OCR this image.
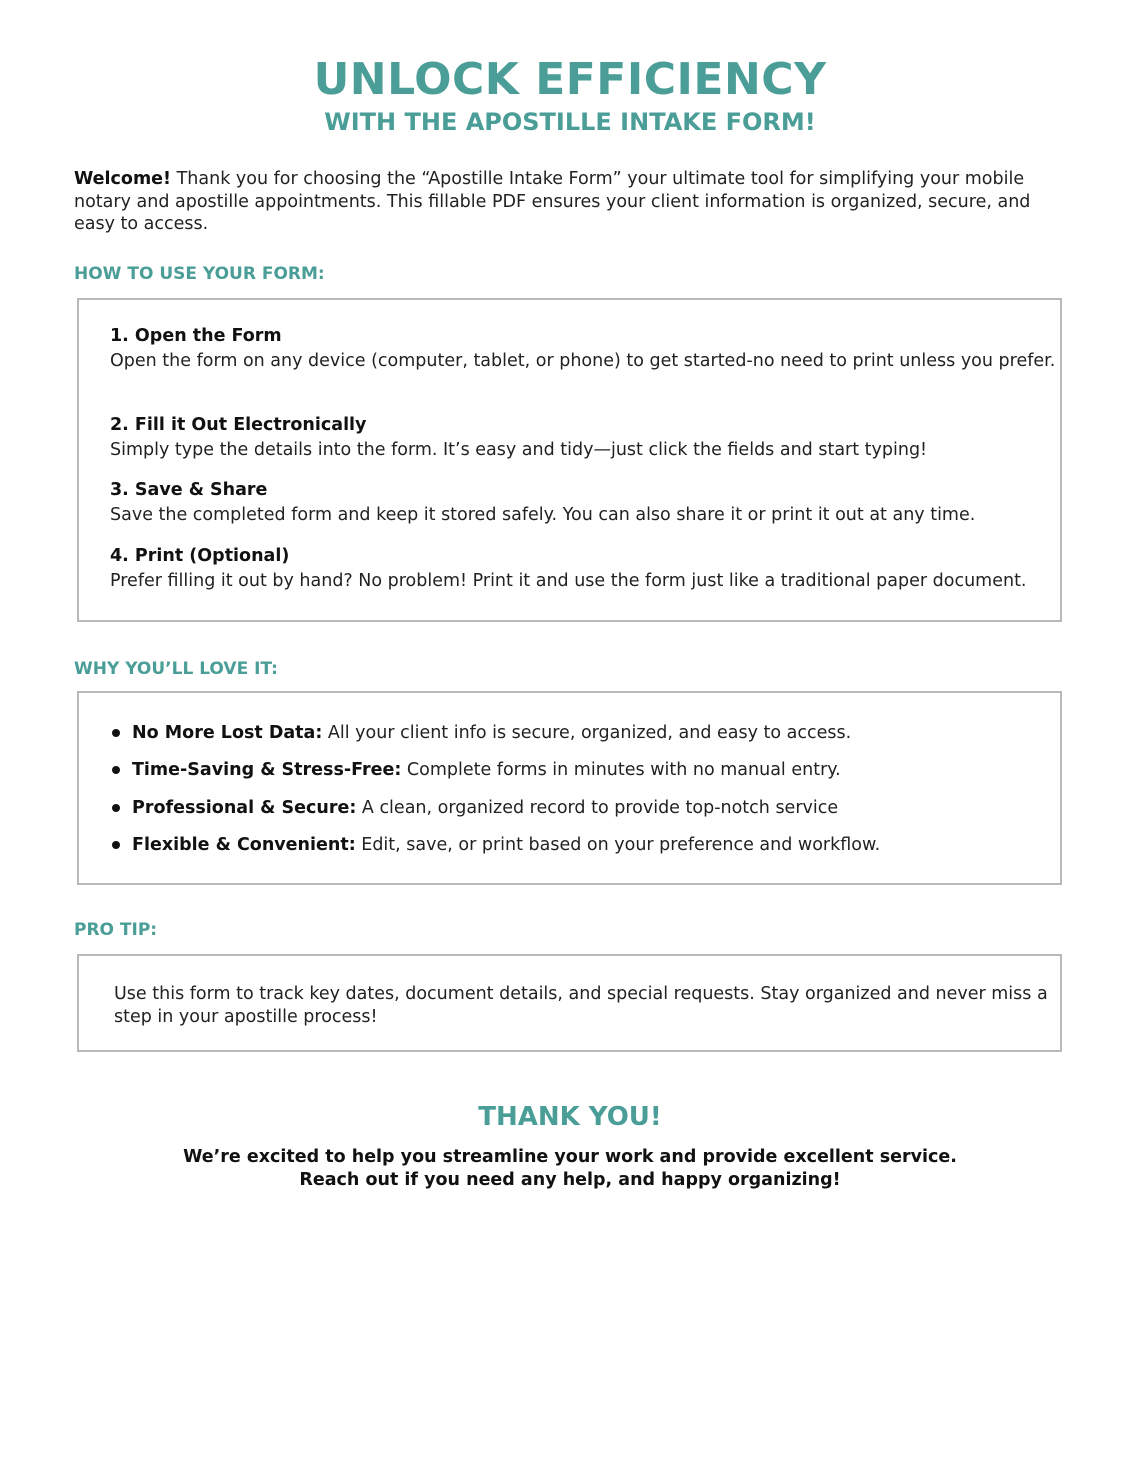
UNLOCK EFFICIENCY
WITH THE APOSTILLE INTAKE FORM!

Welcome! Thank you for choosing the “Apostille Intake Form” your ultimate tool for simplifying your mobile notary and apostille appointments. This fillable PDF ensures your client information is organized, secure, and easy to access.

HOW TO USE YOUR FORM:

1. Open the Form

Open the form on any device (computer, tablet, or phone) to get started-no need to print unless you prefer.

2. Fill it Out Electronically

Simply type the details into the form. It’s easy and tidy—just click the fields and start typing!

3. Save & Share

Save the completed form and keep it stored safely. You can also share it or print it out at any time.

4. Print (Optional)

Prefer filling it out by hand? No problem! Print it and use the form just like a traditional paper document.

WHY YOU’LL LOVE IT:
No More Lost Data: All your client info is secure, organized, and easy to access.
Time-Saving & Stress-Free: Complete forms in minutes with no manual entry.
Professional & Secure: A clean, organized record to provide top-notch service
Flexible & Convenient: Edit, save, or print based on your preference and workflow.
PRO TIP:

Use this form to track key dates, document details, and special requests. Stay organized and never miss a step in your apostille process!

THANK YOU!

We’re excited to help you streamline your work and provide excellent service.
Reach out if you need any help, and happy organizing!
